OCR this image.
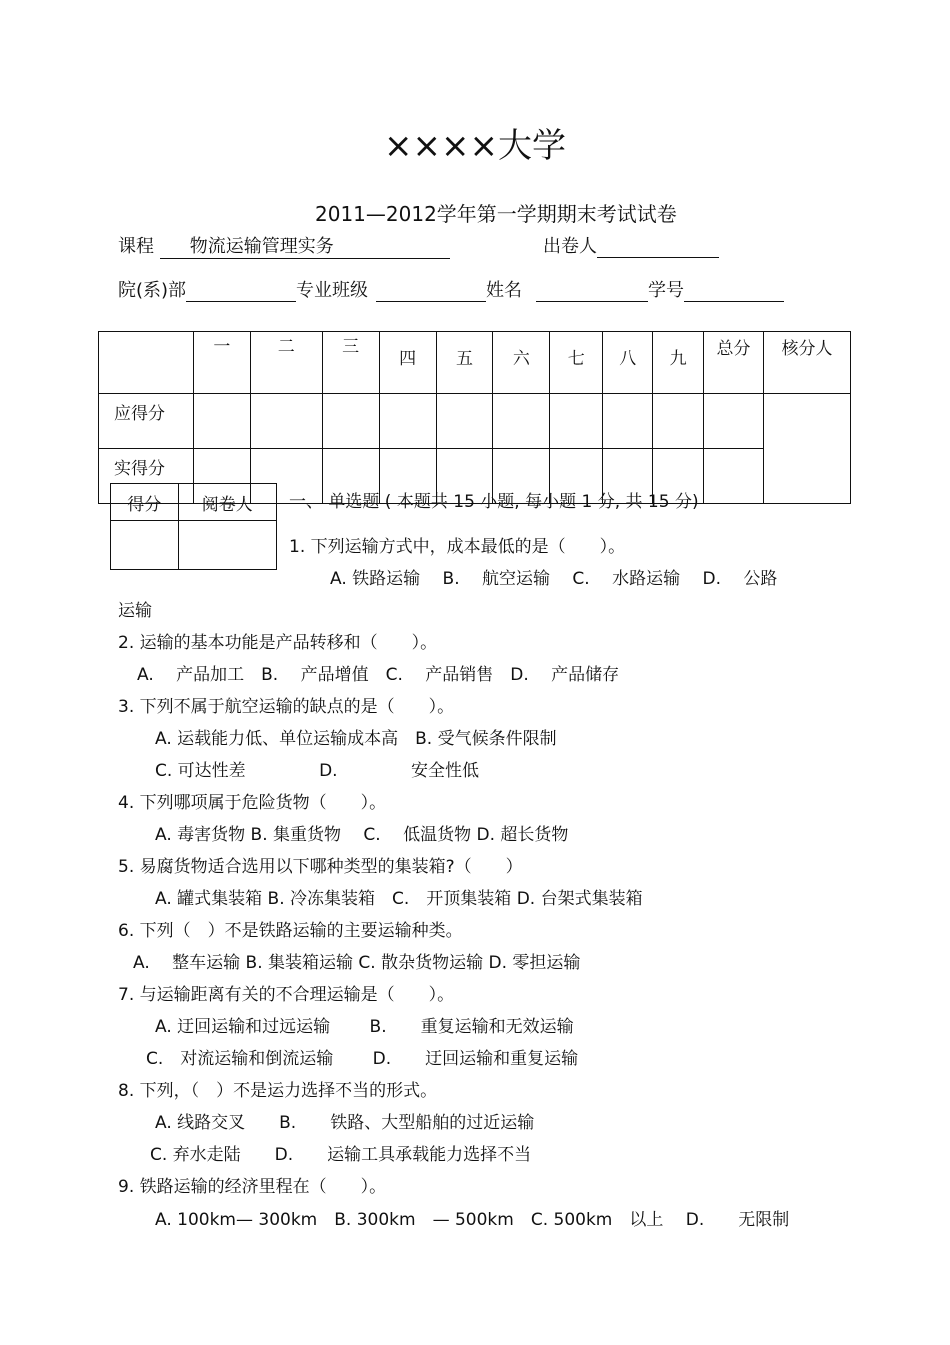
××××大学
2011—2012学年第一学期期末考试试卷
课程 物流运输管理实务	出卷人
院(系)部	专业班级	姓名	学号
	一	二	三	四	五	六	七	八	九	总分	核分人
应得分											
实得分											
得分	阅卷人
	一、 单选题 ( 本题共 15 小题, 每小题 1 分, 共 15 分)
1. 下列运输方式中，成本最低的是（　　）。
A. 铁路运输　 B.　 航空运输　 C.　 水路运输　 D.　 公路
运输
2. 运输的基本功能是产品转移和（　　）。
A.　 产品加工　B.　 产品增值　C.　 产品销售　D.　 产品储存
3. 下列不属于航空运输的缺点的是（　　）。
A. 运载能力低、单位运输成本高　B. 受气候条件限制
C. 可达性差　　　　 D.　　　　 安全性低
4. 下列哪项属于危险货物（　　）。
A. 毒害货物 B. 集重货物　 C.　 低温货物 D. 超长货物
5. 易腐货物适合选用以下哪种类型的集装箱?（　　）
A. 罐式集装箱 B. 冷冻集装箱　C.　开顶集装箱 D. 台架式集装箱
6. 下列（　）不是铁路运输的主要运输种类。
A.　 整车运输 B. 集装箱运输 C. 散杂货物运输 D. 零担运输
7. 与运输距离有关的不合理运输是（　　）。
A. 迂回运输和过远运输　　 B.　　重复运输和无效运输
C.　对流运输和倒流运输　　 D.　　迂回运输和重复运输
8. 下列，（　）不是运力选择不当的形式。
A. 线路交叉　　B.　　铁路、大型船舶的过近运输
C. 弃水走陆　　D.　　运输工具承载能力选择不当
9. 铁路运输的经济里程在（　　）。
A. 100km— 300km　B. 300km　— 500km　C. 500km　以上　 D.　　无限制
